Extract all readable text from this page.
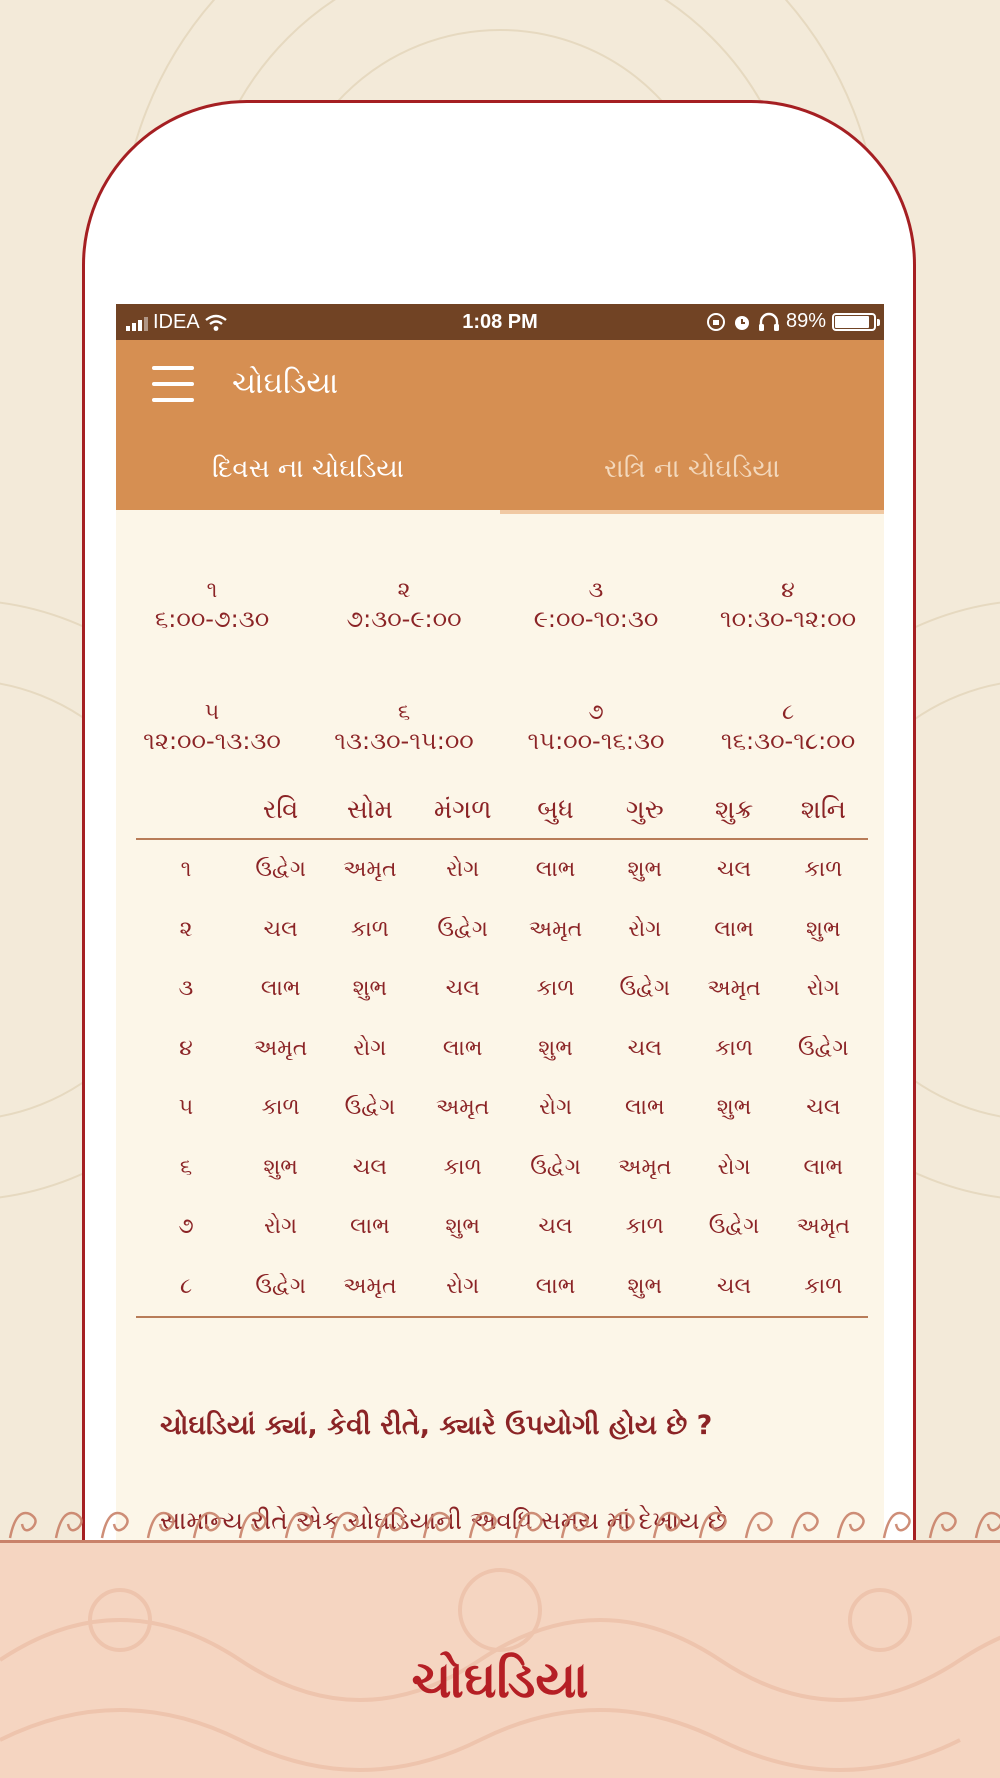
IDEA	1:08 PM	89%
ચોઘડિયા
દિવસ ના ચોઘડિયા	રાત્રિ ના ચોઘડિયા
૧
૬:૦૦-૭:૩૦
૨
૭:૩૦-૯:૦૦
૩
૯:૦૦-૧૦:૩૦
૪
૧૦:૩૦-૧૨:૦૦
૫
૧૨:૦૦-૧૩:૩૦
૬
૧૩:૩૦-૧૫:૦૦
૭
૧૫:૦૦-૧૬:૩૦
૮
૧૬:૩૦-૧૮:૦૦
	રવિ	સોમ	મંગળ	બુધ	ગુરુ	શુક્ર	શનિ
૧	ઉદ્વેગ	અમૃત	રોગ	લાભ	શુભ	ચલ	કાળ
૨	ચલ	કાળ	ઉદ્વેગ	અમૃત	રોગ	લાભ	શુભ
૩	લાભ	શુભ	ચલ	કાળ	ઉદ્વેગ	અમૃત	રોગ
૪	અમૃત	રોગ	લાભ	શુભ	ચલ	કાળ	ઉદ્વેગ
૫	કાળ	ઉદ્વેગ	અમૃત	રોગ	લાભ	શુભ	ચલ
૬	શુભ	ચલ	કાળ	ઉદ્વેગ	અમૃત	રોગ	લાભ
૭	રોગ	લાભ	શુભ	ચલ	કાળ	ઉદ્વેગ	અમૃત
૮	ઉદ્વેગ	અમૃત	રોગ	લાભ	શુભ	ચલ	કાળ
ચોઘડિયાં ક્યાં, કેવી રીતે, ક્યારે ઉપયોગી હોય છે ?
સામાન્ય રીતે એક ચોઘડિયાની અવધિ સમય માં દેખાય છે
ચોઘડિયા
